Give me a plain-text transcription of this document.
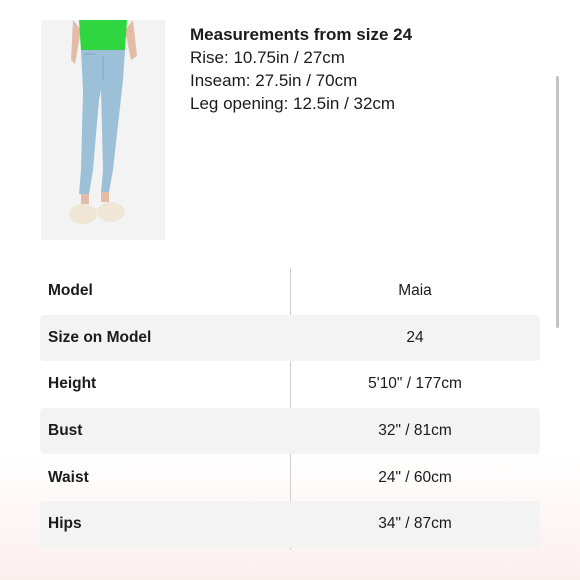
Measurements from size 24
Rise: 10.75in / 27cm
Inseam: 27.5in / 70cm
Leg opening: 12.5in / 32cm
Model	Maia
Size on Model	24
Height	5'10" / 177cm
Bust	32" / 81cm
Waist	24" / 60cm
Hips	34" / 87cm
